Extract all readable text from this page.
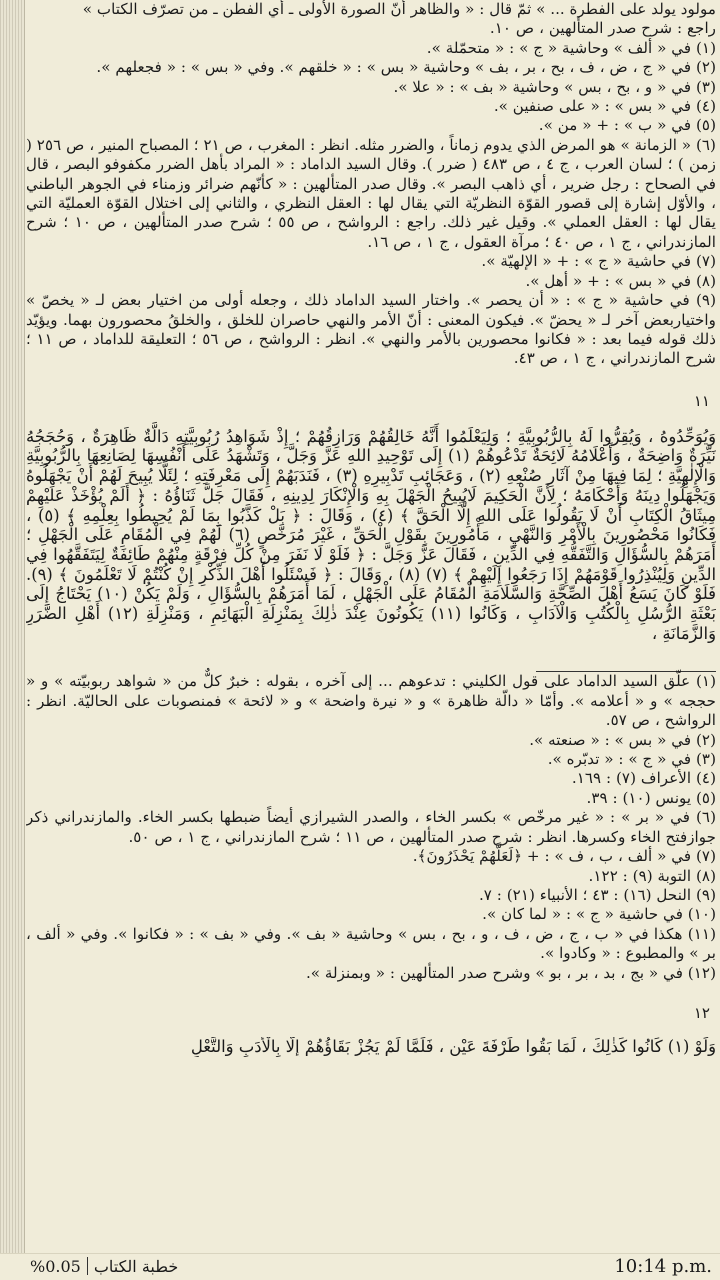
مولود يولد على الفطرة ... » ثمّ قال : « والظاهر أنّ الصورة الأولى ـ أي الفطن ـ من تصرّف الكتاب »

راجع : شرح صدر المتألهين ، ص ١٠.

(١) في « ألف » وحاشية « ج » : « متحمّلة ».

(٢) في « ج ، ض ، ف ، بح ، بر ، بف » وحاشية « بس » : « خلقهم ». وفي « بس » : « فجعلهم ».

(٣) في « و ، بح ، بس » وحاشية « بف » : « علا ».

(٤) في « بس » : « على صنفين ».

(٥) في « ب » : + « من ».

(٦) « الزمانة » هو المرض الذي يدوم زماناً ، والضرر مثله. انظر : المغرب ، ص ٢١ ؛ المصباح المنير ، ص ٢٥٦ ( زمن ) ؛ لسان العرب ، ج ٤ ، ص ٤٨٣ ( ضرر ). وقال السيد الداماد : « المراد بأهل الضرر مكفوفو البصر ، قال في الصحاح : رجل ضرير ، أي ذاهب البصر ». وقال صدر المتألهين : « كأنّهم ضرائر وزمناء في الجوهر الباطني ، والأوّل إشارة إلى قصور القوّة النظريّة التي يقال لها : العقل النظري ، والثاني إلى اختلال القوّة العمليّة التي يقال لها : العقل العملي ». وقيل غير ذلك. راجع : الرواشح ، ص ٥٥ ؛ شرح صدر المتألهين ، ص ١٠ ؛ شرح المازندراني ، ج ١ ، ص ٤٠ ؛ مرآة العقول ، ج ١ ، ص ١٦.

(٧) في حاشية « ج » : + « الإلهيّة ».

(٨) في « بس » : + « أهل ».

(٩) في حاشية « ج » : « أن يحصر ». واختار السيد الداماد ذلك ، وجعله أولى من اختيار بعض لـ « يخصّ » واختياربعض آخر لـ « يحضّ ». فيكون المعنى : أنّ الأمر والنهي حاصران للخلق ، والخلقُ محصورون بهما. ويؤيّد ذلك قوله فيما بعد : « فكانوا محصورين بالأمر والنهي ». انظر : الرواشح ، ص ٥٦ ؛ التعليقة للداماد ، ص ١١ ؛ شرح المازندراني ، ج ١ ، ص ٤٣.

١١

وَيُوَحِّدُوهُ ، وَيُقِرُّوا لَهُ بِالرُّبُوبِيَّةِ ؛ وَلِيَعْلَمُوا أَنَّهُ خَالِقُهُمْ وَرَازِقُهُمْ ؛ إِذْ شَوَاهِدُ رُبُوبِيَّتِهِ دَالَّةٌ ظَاهِرَةٌ ، وَحُجَجُهُ نَيِّرَةٌ وَاضِحَةٌ ، وَأَعْلَامُهُ لَائِحَةٌ تَدْعُوهُمْ (١) إِلَى تَوْحِيدِ اللهِ عَزَّ وَجَلَّ ، وَتَشْهَدُ عَلَى أَنْفُسِهَا لِصَانِعِهَا بِالرُّبُوبِيَّةِ وَالْإِلٰهِيَّةِ ؛ لِمَا فِيهَا مِنْ آثَارِ صُنْعِهِ (٢) ، وَعَجَائِبِ تَدْبِيرِهِ (٣) ، فَنَدَبَهُمْ إِلَى مَعْرِفَتِهِ ؛ لِئَلَّا يُبِيحَ لَهُمْ أَنْ يَجْهَلُوهُ وَيَجْهَلُوا دِينَهُ وَأَحْكَامَهُ ؛ لِأَنَّ الْحَكِيمَ لَايُبِيحُ الْجَهْلَ بِهِ وَالْإِنْكَارَ لِدِينِهِ ، فَقَالَ جَلَّ ثَنَاؤُهُ : ﴿ أَلَمْ يُؤْخَذْ عَلَيْهِمْ مِيثَاقُ الْكِتَابِ أَنْ لَا يَقُولُوا عَلَى اللهِ إِلَّا الْحَقَّ ﴾ (٤) ، وَقَالَ : ﴿ بَلْ كَذَّبُوا بِمَا لَمْ يُحِيطُوا بِعِلْمِهِ ﴾ (٥) ، فَكَانُوا مَحْصُورِينَ بِالْأَمْرِ وَالنَّهْيِ ، مَأْمُورِينَ بِقَوْلِ الْحَقِّ ، غَيْرَ مُرَخَّصٍ (٦) لَهُمْ فِي الْمُقَامِ عَلَى الْجَهْلِ ؛ أَمَرَهُمْ بِالسُّؤَالِ وَالتَّفَقُّهِ فِي الدِّينِ ، فَقَالَ عَزَّ وَجَلَّ : ﴿ فَلَوْ لَا نَفَرَ مِنْ كُلِّ فِرْقَةٍ مِنْهُمْ طَائِفَةٌ لِيَتَفَقَّهُوا فِي الدِّينِ وَلِيُنْذِرُوا قَوْمَهُمْ إِذَا رَجَعُوا إِلَيْهِمْ ﴾ (٧) (٨) ، وَقَالَ : ﴿ فَسْئَلُوا أَهْلَ الذِّكْرِ إِنْ كُنْتُمْ لَا تَعْلَمُونَ ﴾ (٩). فَلَوْ كَانَ يَسَعُ أَهْلَ الصِّحَّةِ وَالسَّلَامَةِ الْمُقَامُ عَلَى الْجَهْلِ ، لَمَا أَمَرَهُمْ بِالسُّؤَالِ ، وَلَمْ يَكُنْ (١٠) يَحْتَاجُ إِلَى بَعْثَةِ الرُّسُلِ بِالْكُتُبِ وَالْآدَابِ ، وَكَانُوا (١١) يَكُونُونَ عِنْدَ ذٰلِكَ بِمَنْزِلَةِ الْبَهَائِمِ ، وَمَنْزِلَةِ (١٢) أَهْلِ الضَّرَرِ وَالزَّمَانَةِ ،

(١) علّق السيد الداماد على قول الكليني : تدعوهم ... إلى آخره ، بقوله : خبرٌ كلٌّ من « شواهد ربوبيّته » و « حججه » و « أعلامه ». وأمّا « دالّة ظاهرة » و « نيرة واضحة » و « لائحة » فمنصوبات على الحاليّة. انظر : الرواشح ، ص ٥٧.

(٢) في « بس » : « صنعته ».

(٣) في « ج » : « تدبّره ».

(٤) الأعراف (٧) : ١٦٩.

(٥) يونس (١٠) : ٣٩.

(٦) في « بر » : « غير مرخّص » بكسر الخاء ، والصدر الشيرازي أيضاً ضبطها بكسر الخاء. والمازندراني ذكر جوازفتح الخاء وكسرها. انظر : شرح صدر المتألهين ، ص ١١ ؛ شرح المازندراني ، ج ١ ، ص ٥٠.

(٧) في « ألف ، ب ، ف » : + ﴿لَعَلَّهُمْ يَحْذَرُونَ﴾.

(٨) التوبة (٩) : ١٢٢.

(٩) النحل (١٦) : ٤٣ ؛ الأنبياء (٢١) : ٧.

(١٠) في حاشية « ج » : « لما كان ».

(١١) هكذا في « ب ، ج ، ض ، ف ، و ، بح ، بس » وحاشية « بف ». وفي « بف » : « فكانوا ». وفي « ألف ، بر » والمطبوع : « وكادوا ».

(١٢) في « بج ، بد ، بر ، بو » وشرح صدر المتألهين : « وبمنزلة ».

١٢

وَلَوْ (١) كَانُوا كَذٰلِكَ ، لَمَا بَقُوا طَرْفَةَ عَيْنٍ ، فَلَمَّا لَمْ يَجُزْ بَقَاؤُهُمْ إِلَّا بِالْأَدَبِ وَالتَّعْلِ

خطبة الكتاب
%0.05	10:14 p.m.
